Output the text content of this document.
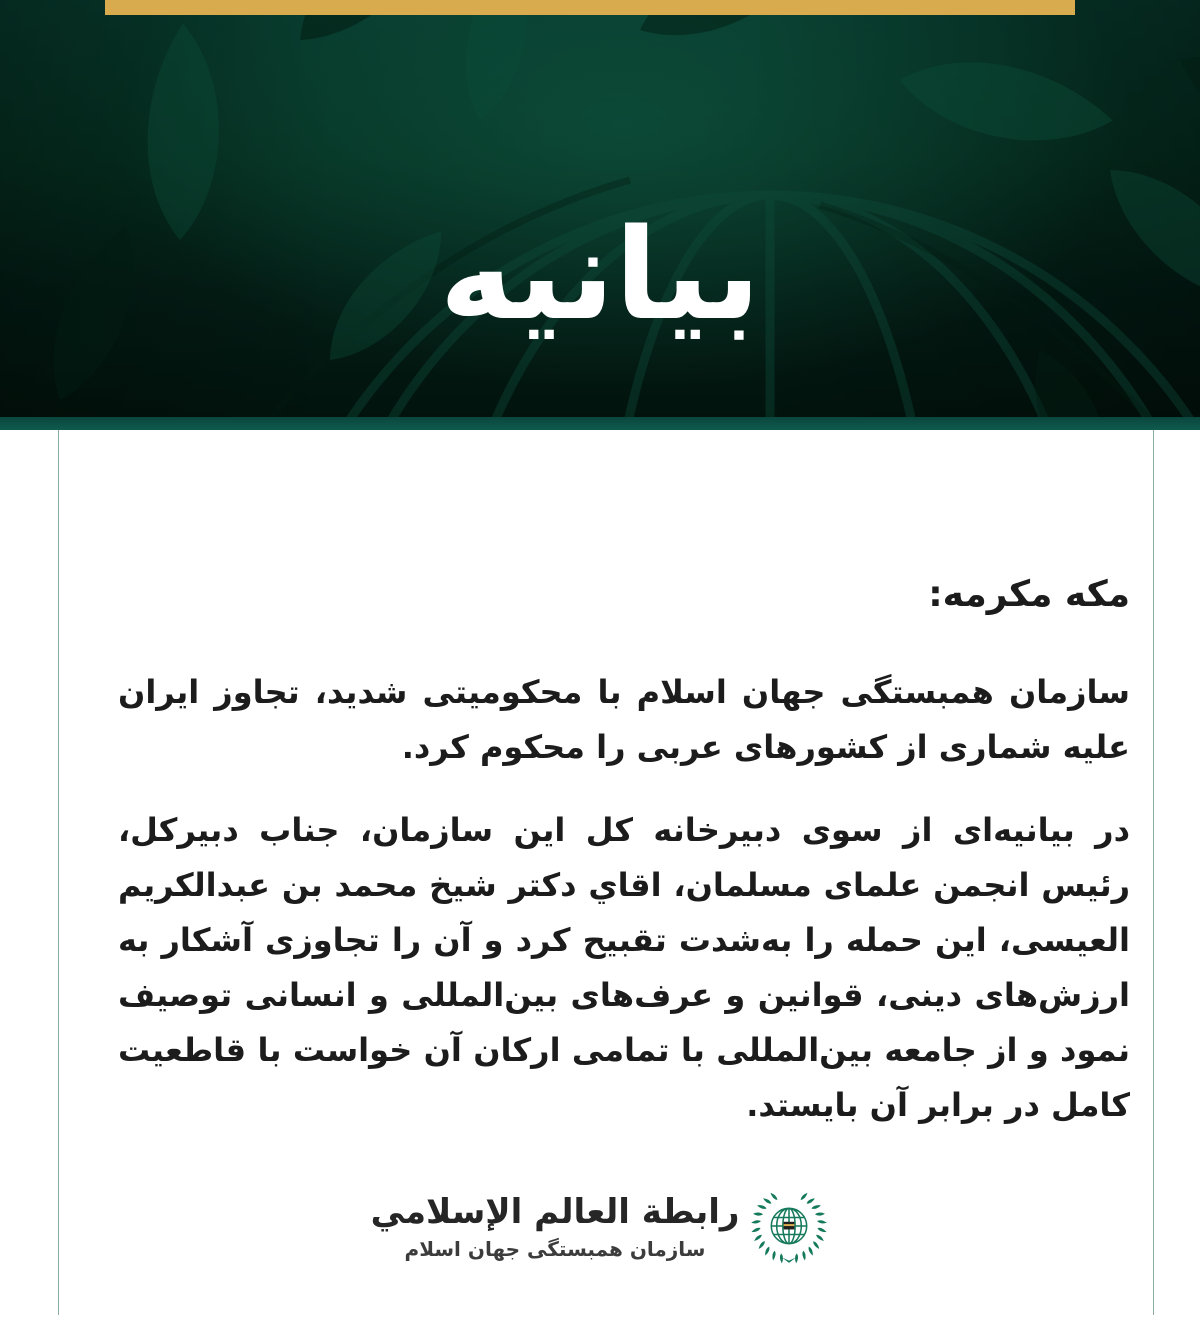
بیانیه
مکه مکرمه:

سازمان همبستگی جهان اسلام با محکومیتی شدید، تجاوز ایران علیه شماری از کشورهای عربی را محکوم کرد.

در بیانیه‌ای از سوی دبیرخانه کل این سازمان، جناب دبیرکل، رئیس انجمن علمای مسلمان، اقاي دکتر شیخ محمد بن عبدالکریم العیسی، این حمله را به‌شدت تقبیح کرد و آن را تجاوزی آشکار به ارزش‌های دینی، قوانین و عرف‌های بین‌المللی و انسانی توصیف نمود و از جامعه بین‌المللی با تمامی ارکان آن خواست با قاطعیت کامل در برابر آن بایستد.

رابطة العالم الإسلامي
سازمان همبستگی جهان اسلام
